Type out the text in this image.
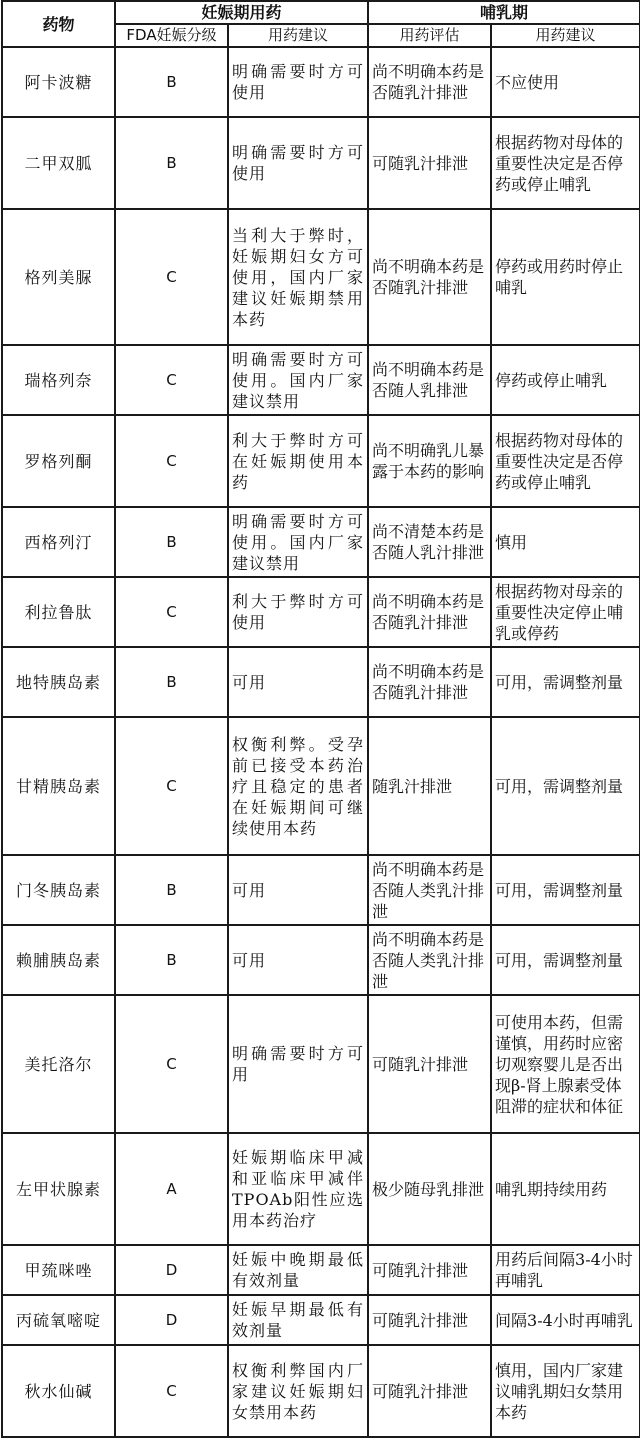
药物	妊娠期用药		哺乳期	
	FDA妊娠分级	用药建议	用药评估	用药建议
阿卡波糖	B	明确需要时方可使用	尚不明确本药是否随乳汁排泄	不应使用
二甲双胍	B	明确需要时方可使用	可随乳汁排泄	根据药物对母体的重要性决定是否停药或停止哺乳
格列美脲	C	当利大于弊时，妊娠期妇女方可使用，国内厂家建议妊娠期禁用本药	尚不明确本药是否随乳汁排泄	停药或用药时停止哺乳
瑞格列奈	C	明确需要时方可使用。国内厂家建议禁用	尚不明确本药是否随人乳排泄	停药或停止哺乳
罗格列酮	C	利大于弊时方可在妊娠期使用本药	尚不明确乳儿暴露于本药的影响	根据药物对母体的重要性决定是否停药或停止哺乳
西格列汀	B	明确需要时方可使用。国内厂家建议禁用	尚不清楚本药是否随人乳汁排泄	慎用
利拉鲁肽	C	利大于弊时方可使用	尚不明确本药是否随乳汁排泄	根据药物对母亲的重要性决定停止哺乳或停药
地特胰岛素	B	可用	尚不明确本药是否随乳汁排泄	可用，需调整剂量
甘精胰岛素	C	权衡利弊。受孕前已接受本药治疗且稳定的患者在妊娠期间可继续使用本药	随乳汁排泄	可用，需调整剂量
门冬胰岛素	B	可用	尚不明确本药是否随人类乳汁排泄	可用，需调整剂量
赖脯胰岛素	B	可用	尚不明确本药是否随人类乳汁排泄	可用，需调整剂量
美托洛尔	C	明确需要时方可用	可随乳汁排泄	可使用本药，但需谨慎，用药时应密切观察婴儿是否出现β-肾上腺素受体阻滞的症状和体征
左甲状腺素	A	妊娠期临床甲减和亚临床甲减伴TPOAb阳性应选用本药治疗	极少随母乳排泄	哺乳期持续用药
甲巯咪唑	D	妊娠中晚期最低有效剂量	可随乳汁排泄	用药后间隔3-4小时再哺乳
丙硫氧嘧啶	D	妊娠早期最低有效剂量	可随乳汁排泄	间隔3-4小时再哺乳
秋水仙碱	C	权衡利弊国内厂家建议妊娠期妇女禁用本药	可随乳汁排泄	慎用，国内厂家建议哺乳期妇女禁用本药
